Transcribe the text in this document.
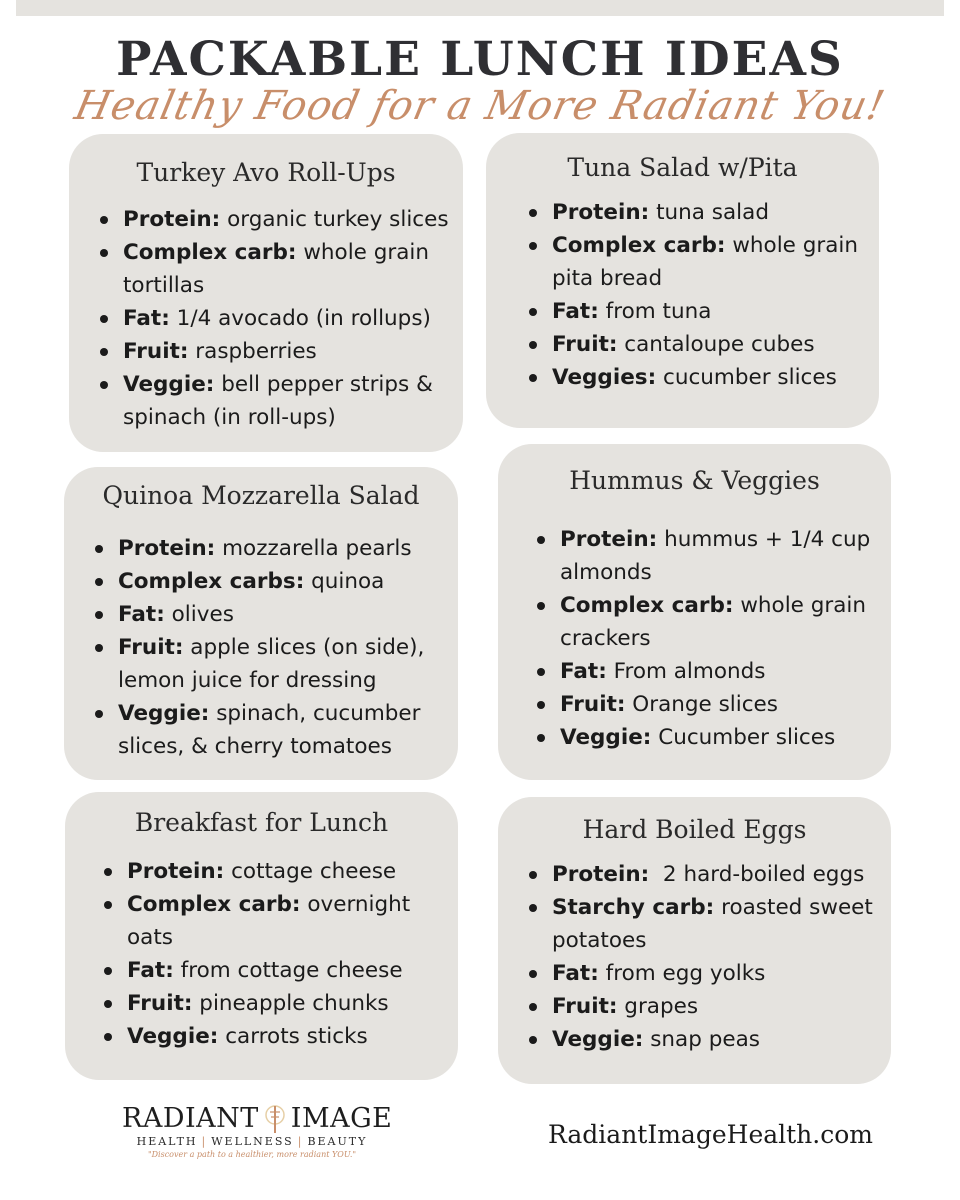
PACKABLE LUNCH IDEAS
Healthy Food for a More Radiant You!
Turkey Avo Roll-Ups
Protein: organic turkey slices
Complex carb: whole grain tortillas
Fat: 1/4 avocado (in rollups)
Fruit: raspberries
Veggie: bell pepper strips & spinach (in roll-ups)
Tuna Salad w/Pita
Protein: tuna salad
Complex carb: whole grain pita bread
Fat: from tuna
Fruit: cantaloupe cubes
Veggies: cucumber slices
Quinoa Mozzarella Salad
Protein: mozzarella pearls
Complex carbs: quinoa
Fat: olives
Fruit: apple slices (on side), lemon juice for dressing
Veggie: spinach, cucumber slices, & cherry tomatoes
Hummus & Veggies
Protein: hummus + 1/4 cup almonds
Complex carb: whole grain crackers
Fat: From almonds
Fruit: Orange slices
Veggie: Cucumber slices
Breakfast for Lunch
Protein: cottage cheese
Complex carb: overnight oats
Fat: from cottage cheese
Fruit: pineapple chunks
Veggie: carrots sticks
Hard Boiled Eggs
Protein:  2 hard-boiled eggs
Starchy carb: roasted sweet potatoes
Fat: from egg yolks
Fruit: grapes
Veggie: snap peas
RADIANT IMAGE
HEALTH | WELLNESS | BEAUTY
"Discover a path to a healthier, more radiant YOU."
RadiantImageHealth.com
